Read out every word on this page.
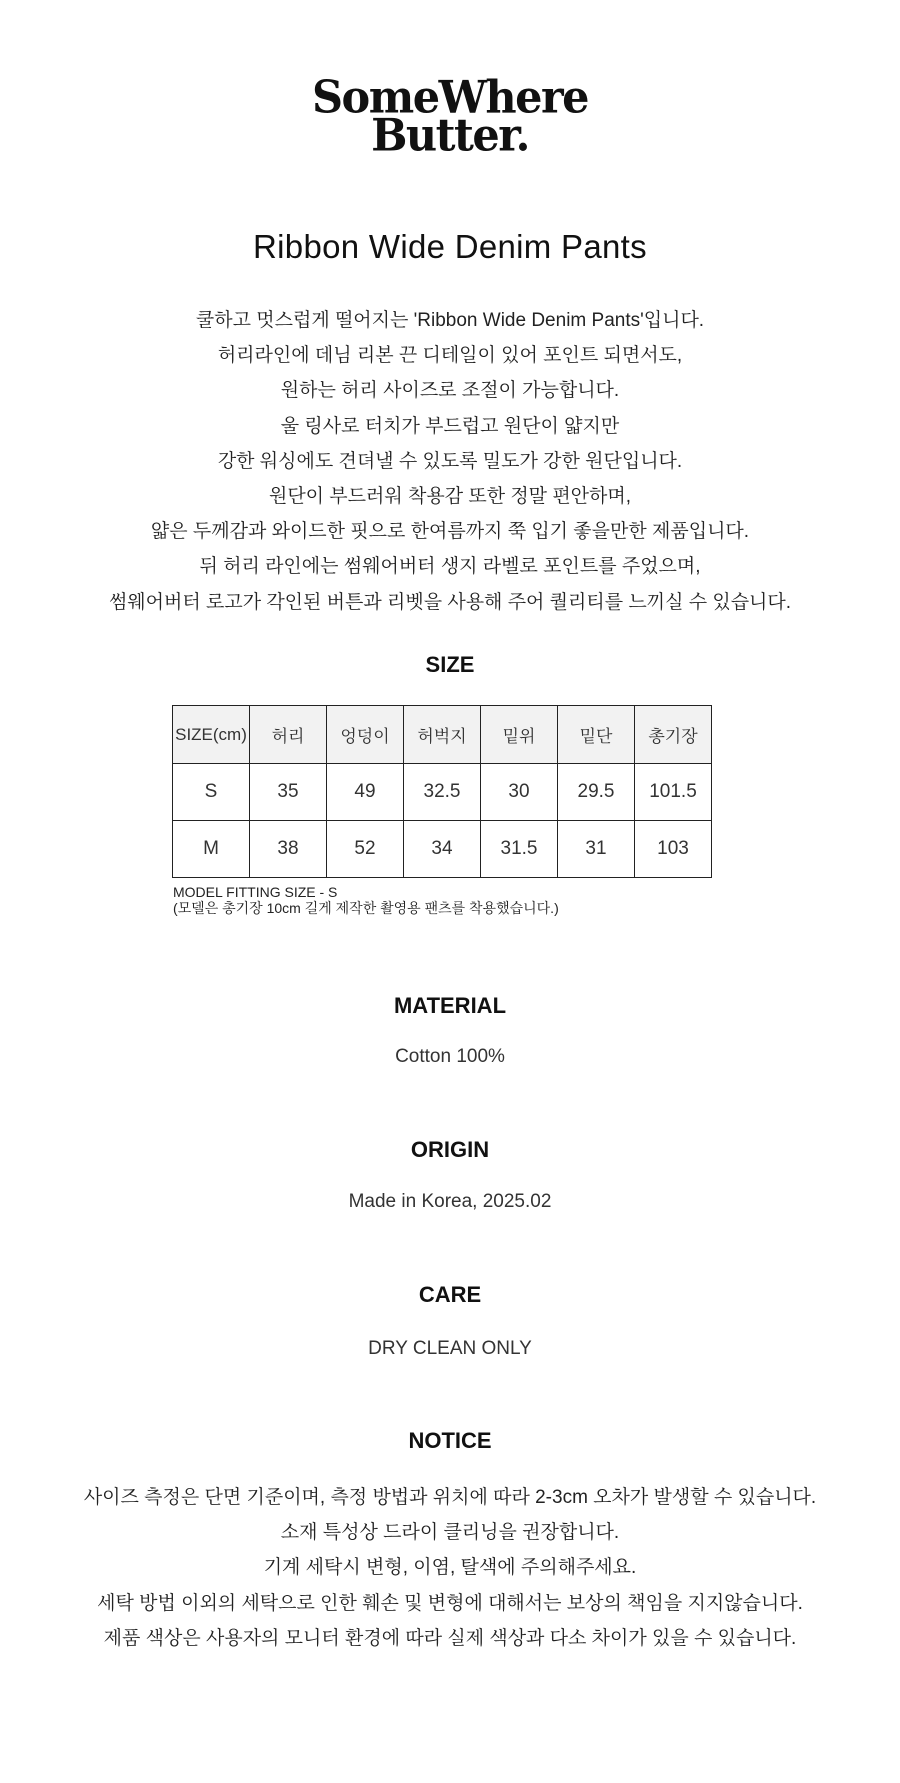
SomeWhere
Butter.
Ribbon Wide Denim Pants
쿨하고 멋스럽게 떨어지는 'Ribbon Wide Denim Pants'입니다.
허리라인에 데님 리본 끈 디테일이 있어 포인트 되면서도,
원하는 허리 사이즈로 조절이 가능합니다.
울 링사로 터치가 부드럽고 원단이 얇지만
강한 워싱에도 견뎌낼 수 있도록 밀도가 강한 원단입니다.
원단이 부드러워 착용감 또한 정말 편안하며,
얇은 두께감과 와이드한 핏으로 한여름까지 쭉 입기 좋을만한 제품입니다.
뒤 허리 라인에는 썸웨어버터 생지 라벨로 포인트를 주었으며,
썸웨어버터 로고가 각인된 버튼과 리벳을 사용해 주어 퀄리티를 느끼실 수 있습니다.
SIZE
SIZE(cm)	허리	엉덩이	허벅지	밑위	밑단	총기장
S	35	49	32.5	30	29.5	101.5
M	38	52	34	31.5	31	103
MODEL FITTING SIZE - S
(모델은 총기장 10cm 길게 제작한 촬영용 팬츠를 착용했습니다.)
MATERIAL
Cotton 100%
ORIGIN
Made in Korea, 2025.02
CARE
DRY CLEAN ONLY
NOTICE
사이즈 측정은 단면 기준이며, 측정 방법과 위치에 따라 2-3cm 오차가 발생할 수 있습니다.
소재 특성상 드라이 클리닝을 권장합니다.
기계 세탁시 변형, 이염, 탈색에 주의해주세요.
세탁 방법 이외의 세탁으로 인한 훼손 및 변형에 대해서는 보상의 책임을 지지않습니다.
제품 색상은 사용자의 모니터 환경에 따라 실제 색상과 다소 차이가 있을 수 있습니다.
